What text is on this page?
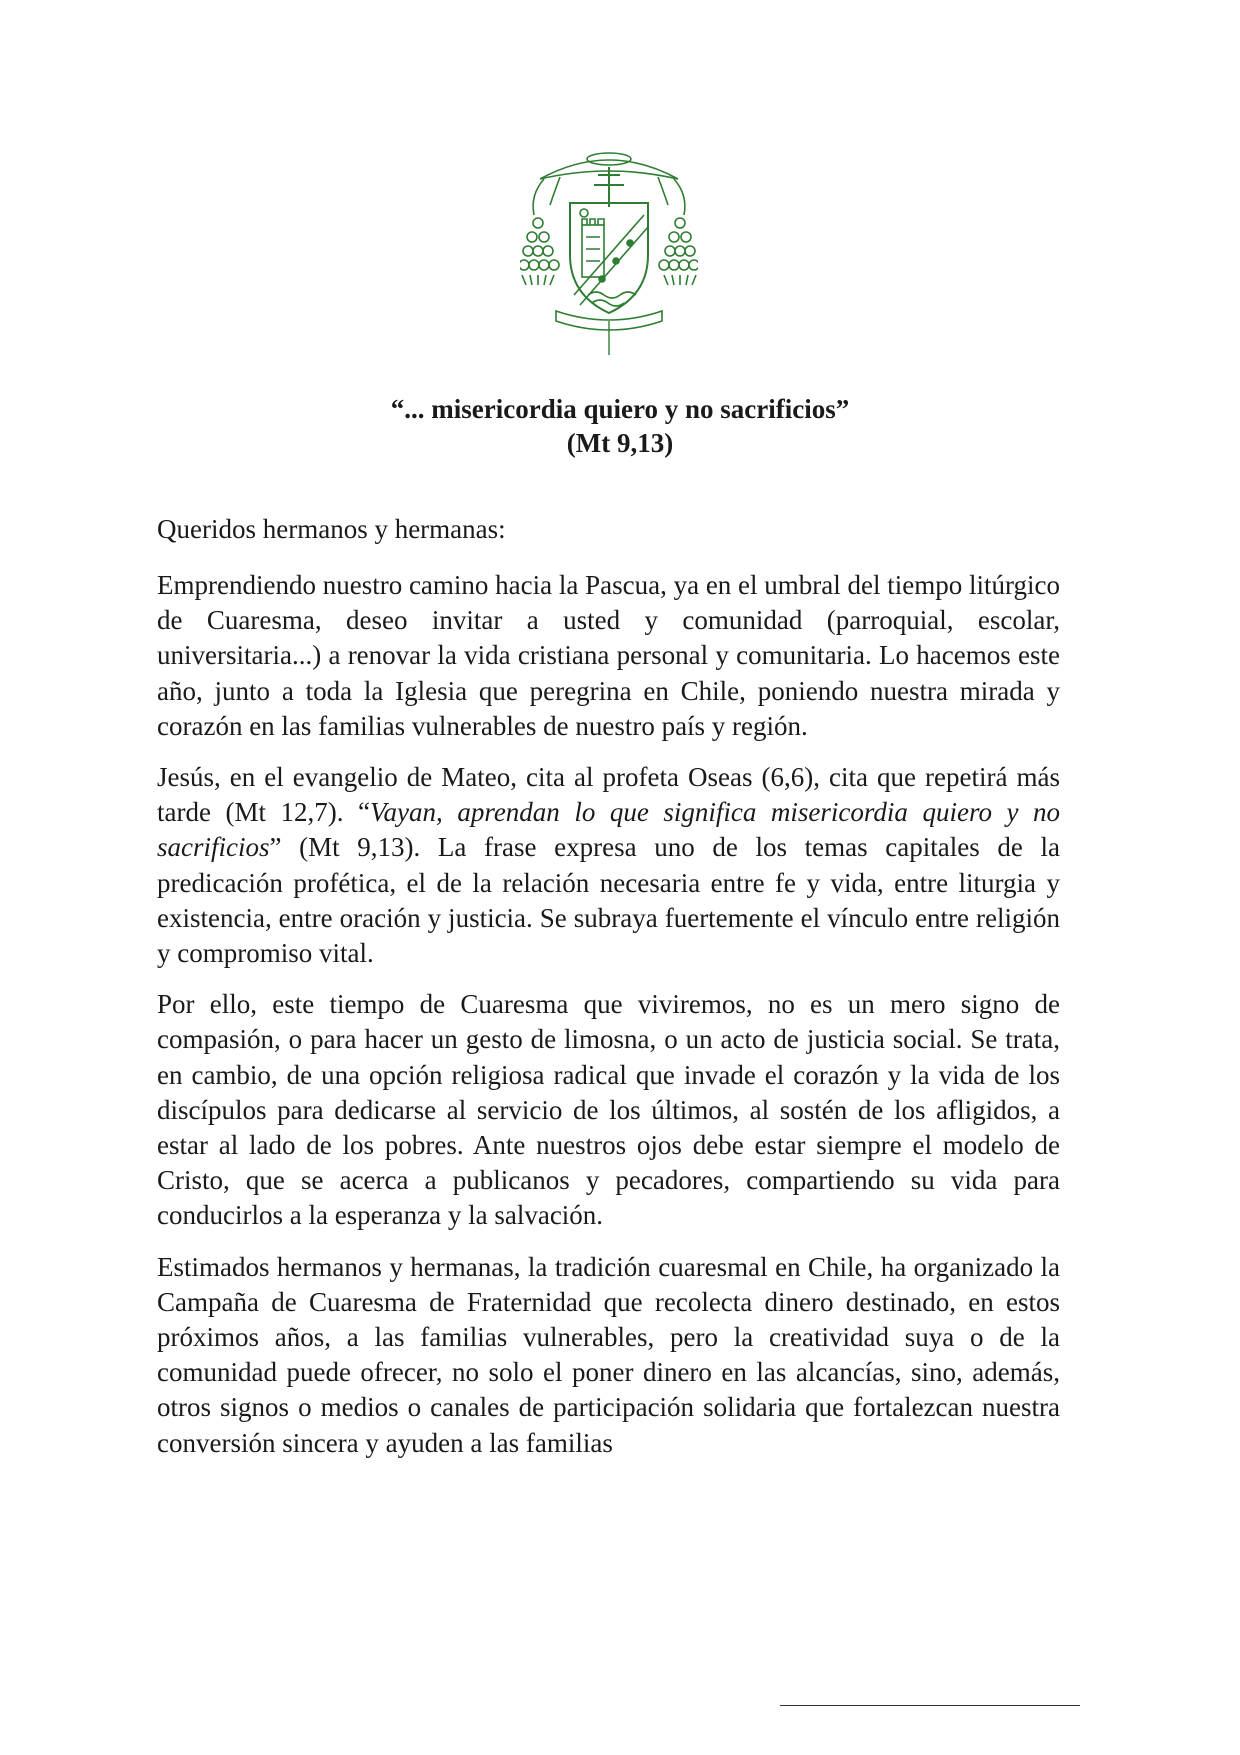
“... misericordia quiero y no sacrificios”
(Mt 9,13)
Queridos hermanos y hermanas:

Emprendiendo nuestro camino hacia la Pascua, ya en el umbral del tiempo litúrgico de Cuaresma, deseo invitar a usted y comunidad (parroquial, escolar, universitaria...) a renovar la vida cristiana personal y comunitaria. Lo hacemos este año, junto a toda la Iglesia que peregrina en Chile, poniendo nuestra mirada y corazón en las familias vulnerables de nuestro país y región.

Jesús, en el evangelio de Mateo, cita al profeta Oseas (6,6), cita que repetirá más tarde (Mt 12,7). “Vayan, aprendan lo que significa misericordia quiero y no sacrificios” (Mt 9,13). La frase expresa uno de los temas capitales de la predicación profética, el de la relación necesaria entre fe y vida, entre liturgia y existencia, entre oración y justicia. Se subraya fuertemente el vínculo entre religión y compromiso vital.

Por ello, este tiempo de Cuaresma que viviremos, no es un mero signo de compasión, o para hacer un gesto de limosna, o un acto de justicia social. Se trata, en cambio, de una opción religiosa radical que invade el corazón y la vida de los discípulos para dedicarse al servicio de los últimos, al sostén de los afligidos, a estar al lado de los pobres. Ante nuestros ojos debe estar siempre el modelo de Cristo, que se acerca a publicanos y pecadores, compartiendo su vida para conducirlos a la esperanza y la salvación.

Estimados hermanos y hermanas, la tradición cuaresmal en Chile, ha organizado la Campaña de Cuaresma de Fraternidad que recolecta dinero destinado, en estos próximos años, a las familias vulnerables, pero la creatividad suya o de la comunidad puede ofrecer, no solo el poner dinero en las alcancías, sino, además, otros signos o medios o canales de participación solidaria que fortalezcan nuestra conversión sincera y ayuden a las familias
